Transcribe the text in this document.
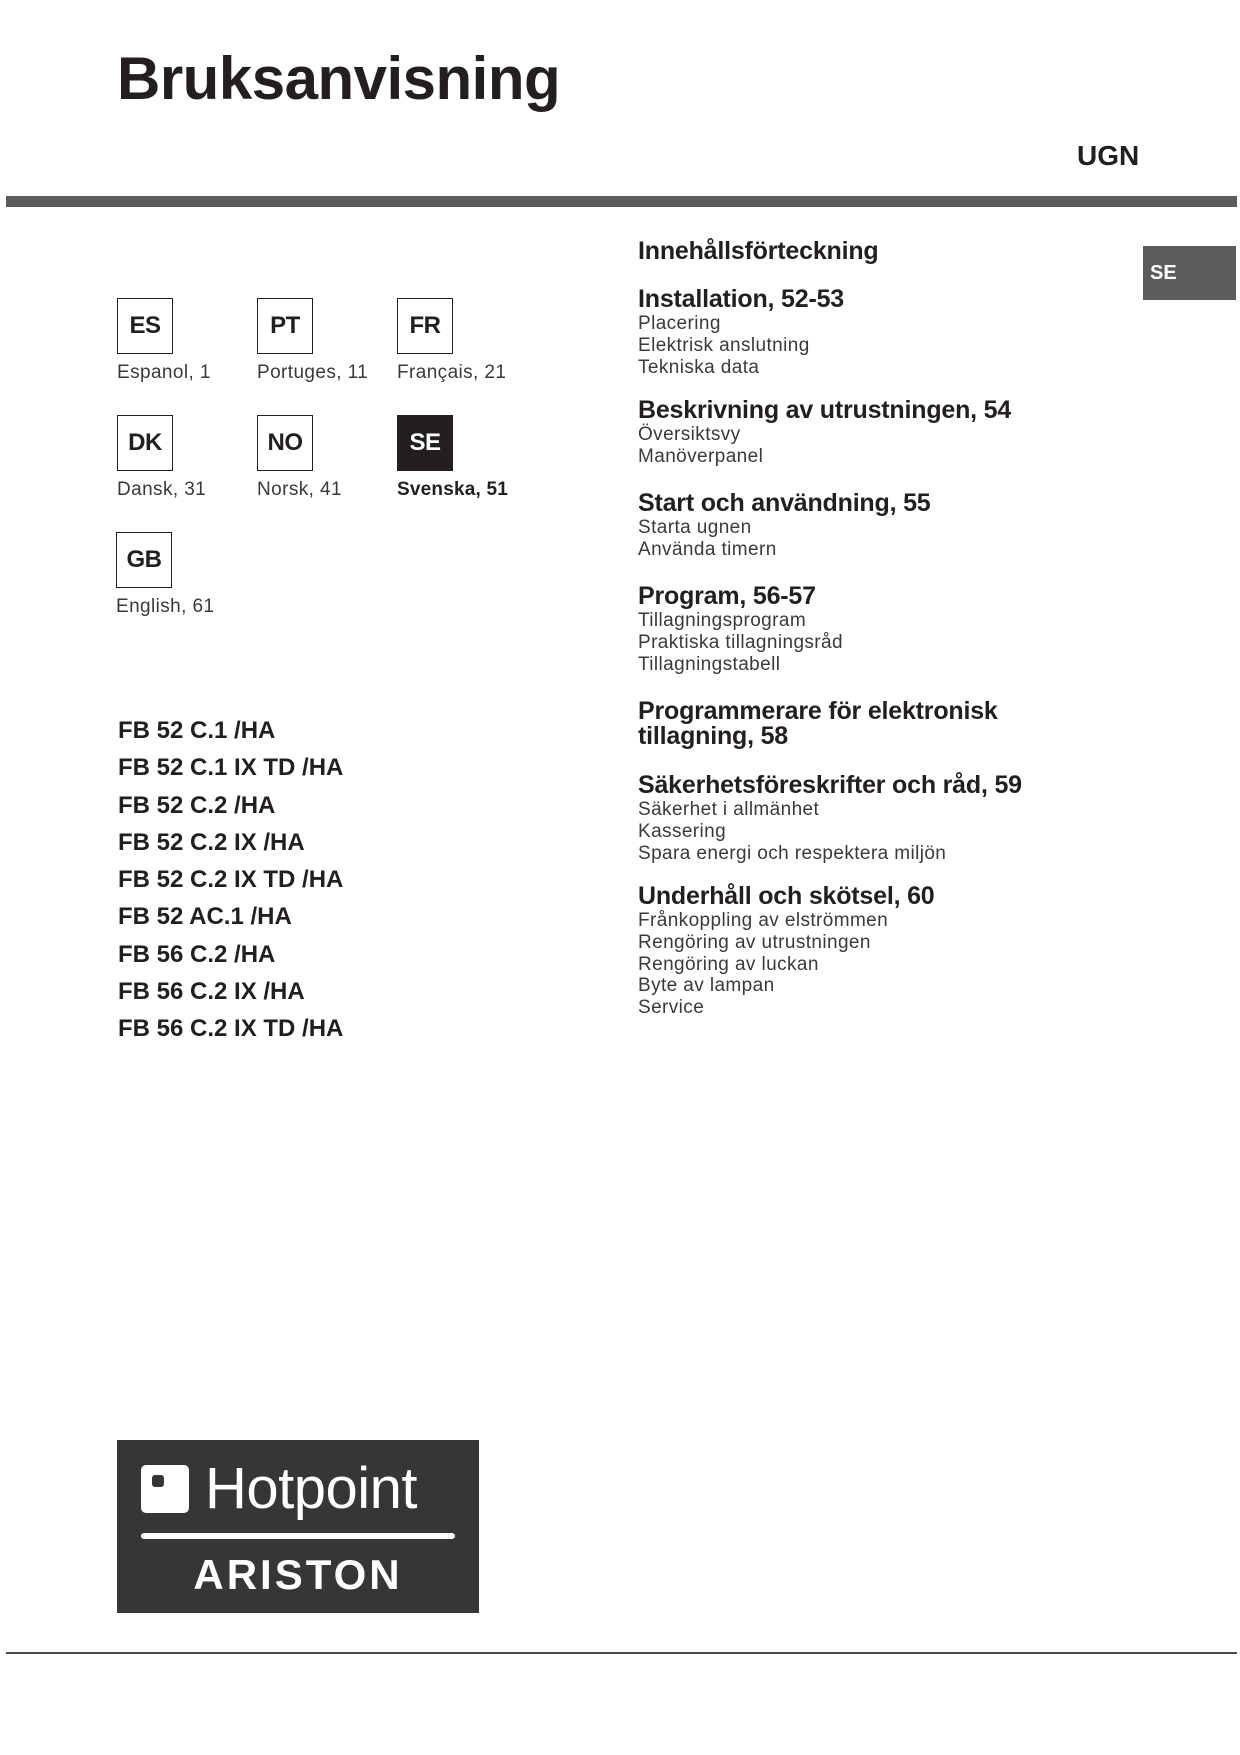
Bruksanvisning
UGN
SE
ES
Espanol, 1
PT
Portuges, 11
FR
Français, 21
DK
Dansk, 31
NO
Norsk, 41
SE
Svenska, 51
GB
English, 61
FB 52 C.1 /HA
FB 52 C.1 IX TD /HA
FB 52 C.2 /HA
FB 52 C.2 IX /HA
FB 52 C.2 IX TD /HA
FB 52 AC.1 /HA
FB 56 C.2 /HA
FB 56 C.2 IX /HA
FB 56 C.2 IX TD /HA
Innehållsförteckning
Installation, 52-53
Placering
Elektrisk anslutning
Tekniska data
Beskrivning av utrustningen, 54
Översiktsvy
Manöverpanel
Start och användning, 55
Starta ugnen
Använda timern
Program, 56-57
Tillagningsprogram
Praktiska tillagningsråd
Tillagningstabell
Programmerare för elektronisk
tillagning, 58
Säkerhetsföreskrifter och råd, 59
Säkerhet i allmänhet
Kassering
Spara energi och respektera miljön
Underhåll och skötsel, 60
Frånkoppling av elströmmen
Rengöring av utrustningen
Rengöring av luckan
Byte av lampan
Service
Hotpoint
ARISTON
